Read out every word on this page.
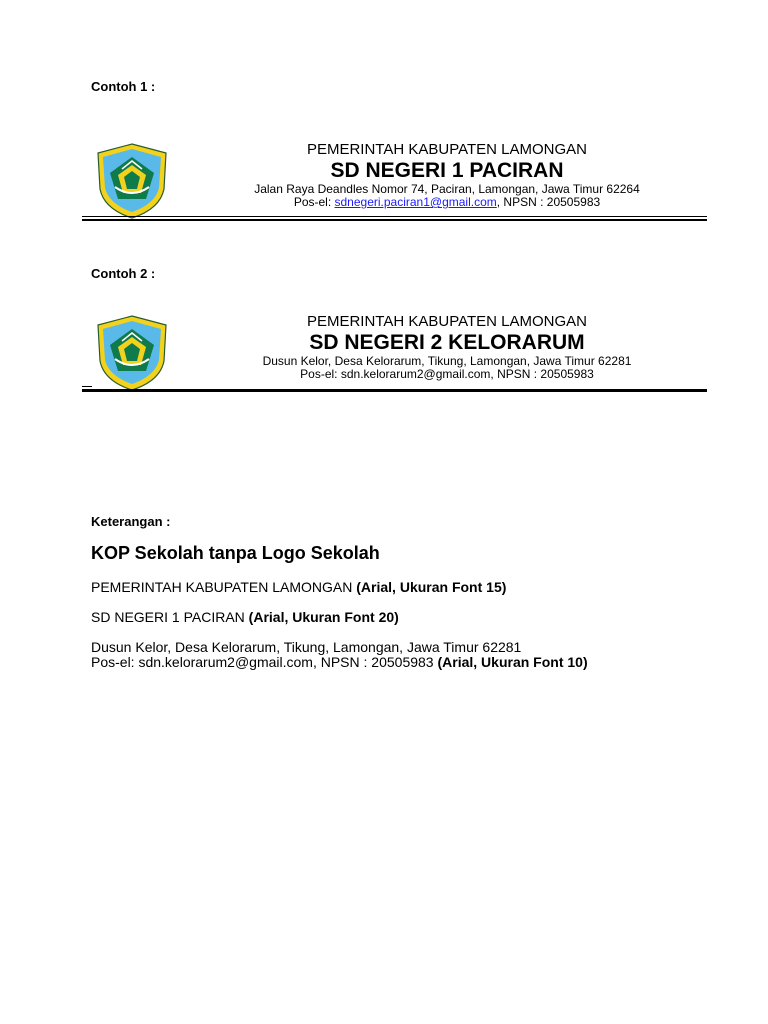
Contoh 1 :
PEMERINTAH KABUPATEN LAMONGAN
SD NEGERI 1 PACIRAN
Jalan Raya Deandles Nomor 74, Paciran, Lamongan, Jawa Timur 62264
Pos-el: sdnegeri.paciran1@gmail.com, NPSN : 20505983
Contoh 2 :
PEMERINTAH KABUPATEN LAMONGAN
SD NEGERI 2 KELORARUM
Dusun Kelor, Desa Kelorarum, Tikung, Lamongan, Jawa Timur 62281
Pos-el: sdn.kelorarum2@gmail.com, NPSN : 20505983
Keterangan :
KOP Sekolah tanpa Logo Sekolah
PEMERINTAH KABUPATEN LAMONGAN (Arial, Ukuran Font 15)
SD NEGERI 1 PACIRAN (Arial, Ukuran Font 20)
Dusun Kelor, Desa Kelorarum, Tikung, Lamongan, Jawa Timur 62281
Pos-el: sdn.kelorarum2@gmail.com, NPSN : 20505983 (Arial, Ukuran Font 10)
